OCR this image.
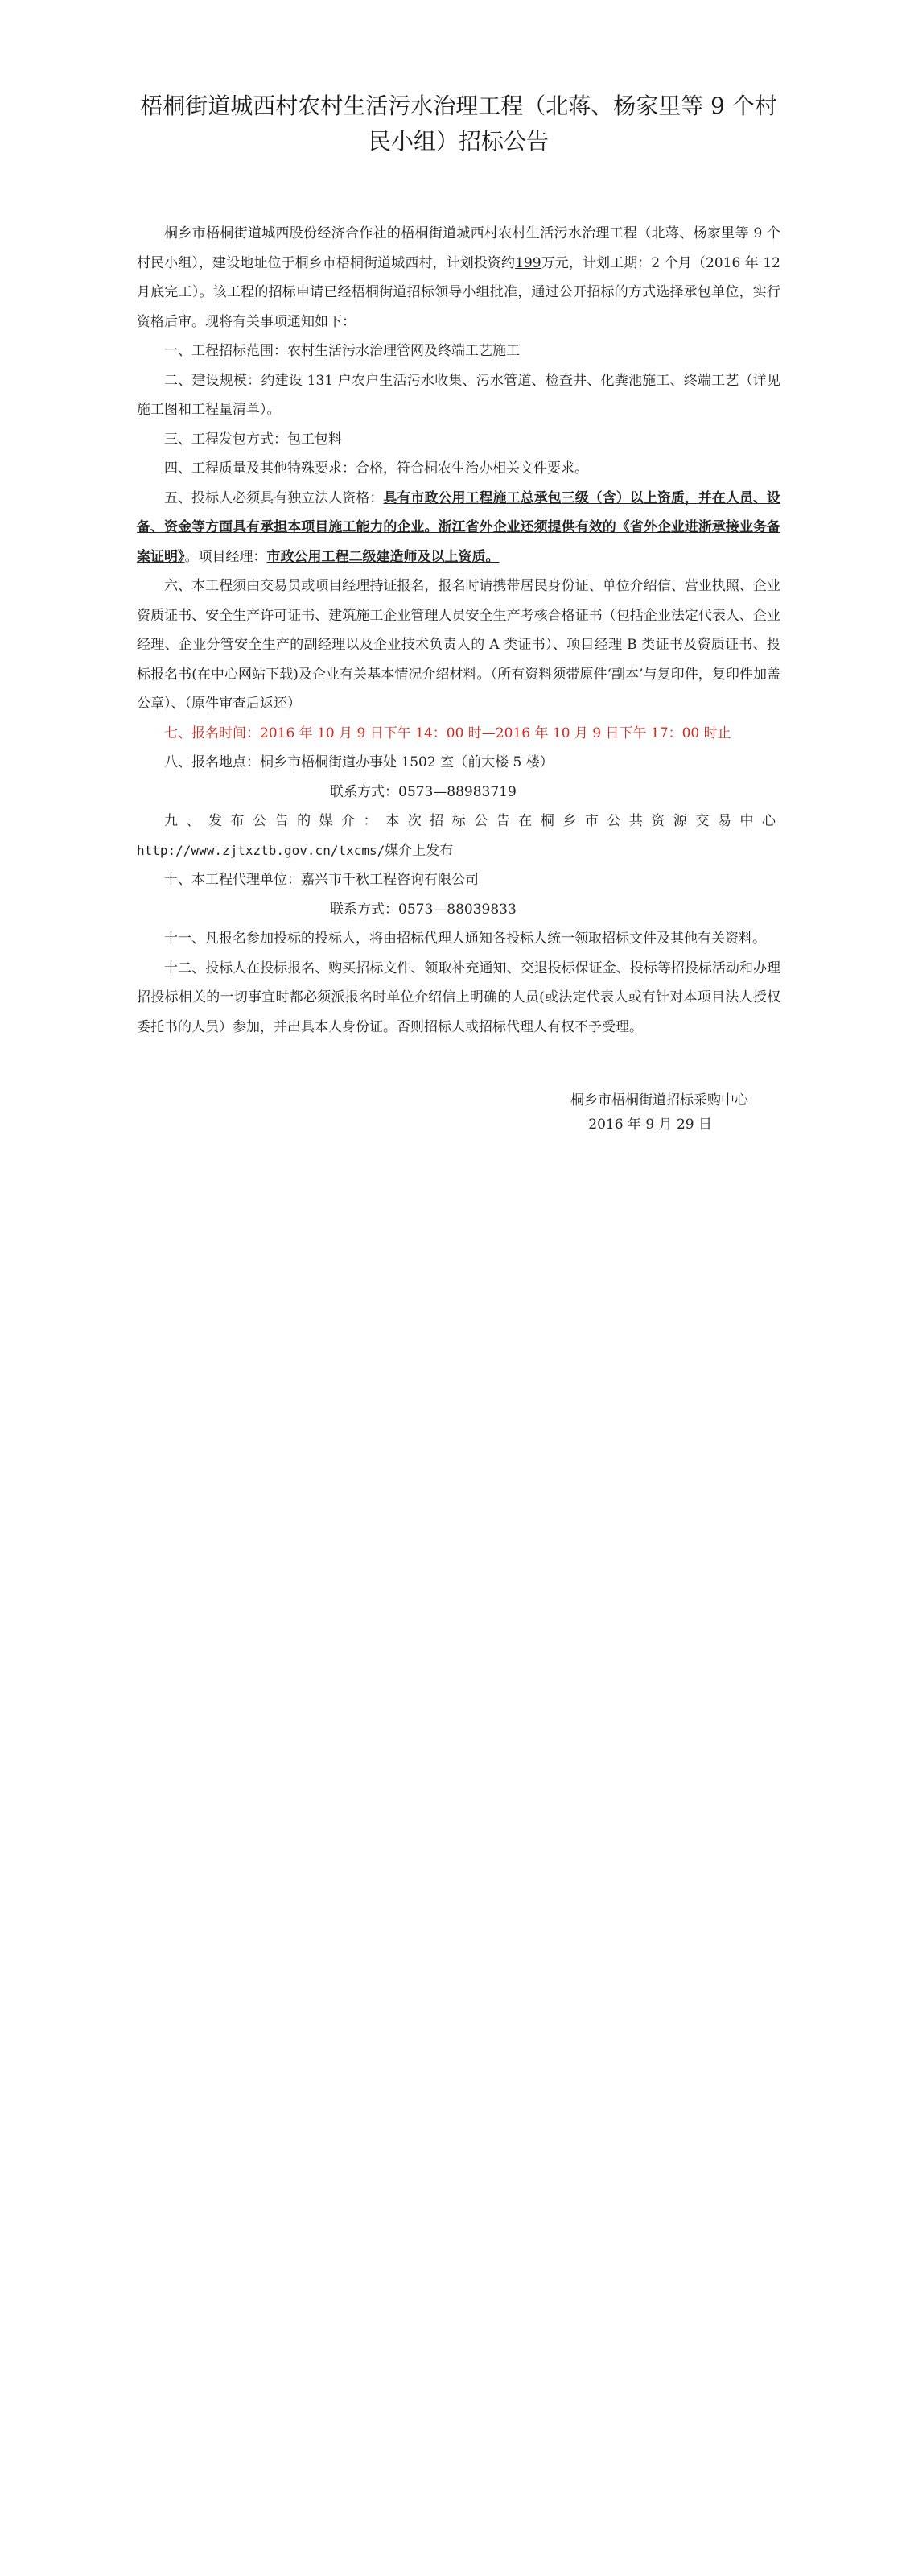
梧桐街道城西村农村生活污水治理工程（北蒋、杨家里等 9 个村民小组）招标公告

桐乡市梧桐街道城西股份经济合作社的梧桐街道城西村农村生活污水治理工程（北蒋、杨家里等 9 个村民小组），建设地址位于桐乡市梧桐街道城西村，计划投资约199万元，计划工期：2 个月（2016 年 12 月底完工）。该工程的招标申请已经梧桐街道招标领导小组批准，通过公开招标的方式选择承包单位，实行资格后审。现将有关事项通知如下：

一、工程招标范围：农村生活污水治理管网及终端工艺施工

二、建设规模：约建设 131 户农户生活污水收集、污水管道、检查井、化粪池施工、终端工艺（详见施工图和工程量清单）。

三、工程发包方式：包工包料

四、工程质量及其他特殊要求：合格，符合桐农生治办相关文件要求。

五、投标人必须具有独立法人资格：具有市政公用工程施工总承包三级（含）以上资质，并在人员、设备、资金等方面具有承担本项目施工能力的企业。浙江省外企业还须提供有效的《省外企业进浙承接业务备案证明》。项目经理：市政公用工程二级建造师及以上资质。

六、本工程须由交易员或项目经理持证报名，报名时请携带居民身份证、单位介绍信、营业执照、企业资质证书、安全生产许可证书、建筑施工企业管理人员安全生产考核合格证书（包括企业法定代表人、企业经理、企业分管安全生产的副经理以及企业技术负责人的 A 类证书）、项目经理 B 类证书及资质证书、投标报名书(在中心网站下载)及企业有关基本情况介绍材料。（所有资料须带原件‘副本’与复印件，复印件加盖公章）、（原件审查后返还）

七、报名时间：2016 年 10 月 9 日下午 14：00 时—2016 年 10 月 9 日下午 17：00 时止

八、报名地点：桐乡市梧桐街道办事处 1502 室（前大楼 5 楼）

联系方式：0573—88983719

九、发布公告的媒介：本次招标公告在桐乡市公共资源交易中心http://www.zjtxztb.gov.cn/txcms/媒介上发布

十、本工程代理单位：嘉兴市千秋工程咨询有限公司

联系方式：0573—88039833

十一、凡报名参加投标的投标人，将由招标代理人通知各投标人统一领取招标文件及其他有关资料。

十二、投标人在投标报名、购买招标文件、领取补充通知、交退投标保证金、投标等招投标活动和办理招投标相关的一切事宜时都必须派报名时单位介绍信上明确的人员(或法定代表人或有针对本项目法人授权委托书的人员）参加，并出具本人身份证。否则招标人或招标代理人有权不予受理。

桐乡市梧桐街道招标采购中心
2016 年 9 月 29 日
